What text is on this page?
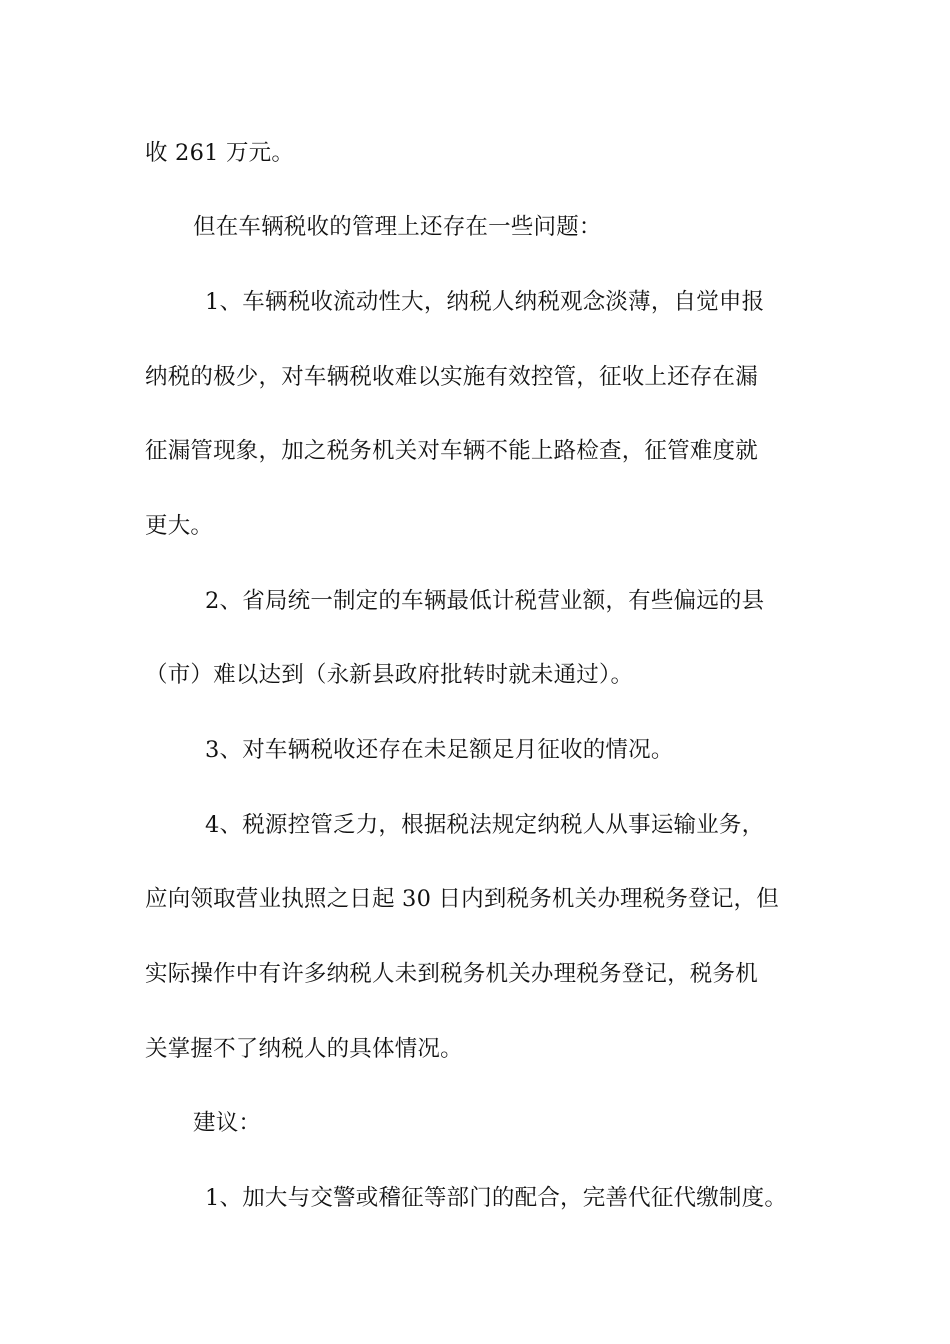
收 261 万元。
但在车辆税收的管理上还存在一些问题：
1、车辆税收流动性大，纳税人纳税观念淡薄，自觉申报
纳税的极少，对车辆税收难以实施有效控管，征收上还存在漏
征漏管现象，加之税务机关对车辆不能上路检查，征管难度就
更大。
2、省局统一制定的车辆最低计税营业额，有些偏远的县
（市）难以达到（永新县政府批转时就未通过）。
3、对车辆税收还存在未足额足月征收的情况。
4、税源控管乏力，根据税法规定纳税人从事运输业务，
应向领取营业执照之日起 30 日内到税务机关办理税务登记，但
实际操作中有许多纳税人未到税务机关办理税务登记，税务机
关掌握不了纳税人的具体情况。
建议：
1、加大与交警或稽征等部门的配合，完善代征代缴制度。
